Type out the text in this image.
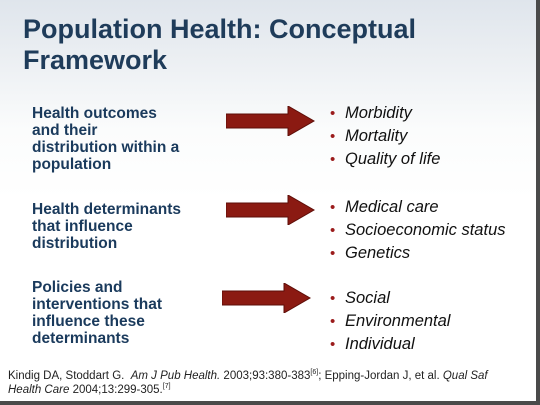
Population Health: Conceptual Framework
Health outcomes
and their
distribution within a
population
• Morbidity
• Mortality
• Quality of life
Health determinants
that influence
distribution
• Medical care
• Socioeconomic status
• Genetics
Policies and
interventions that
influence these
determinants
• Social
• Environmental
• Individual
Kindig DA, Stoddart G. Am J Pub Health. 2003;93:380-383[6]; Epping-Jordan J, et al. Qual Saf
Health Care 2004;13:299-305.[7]
